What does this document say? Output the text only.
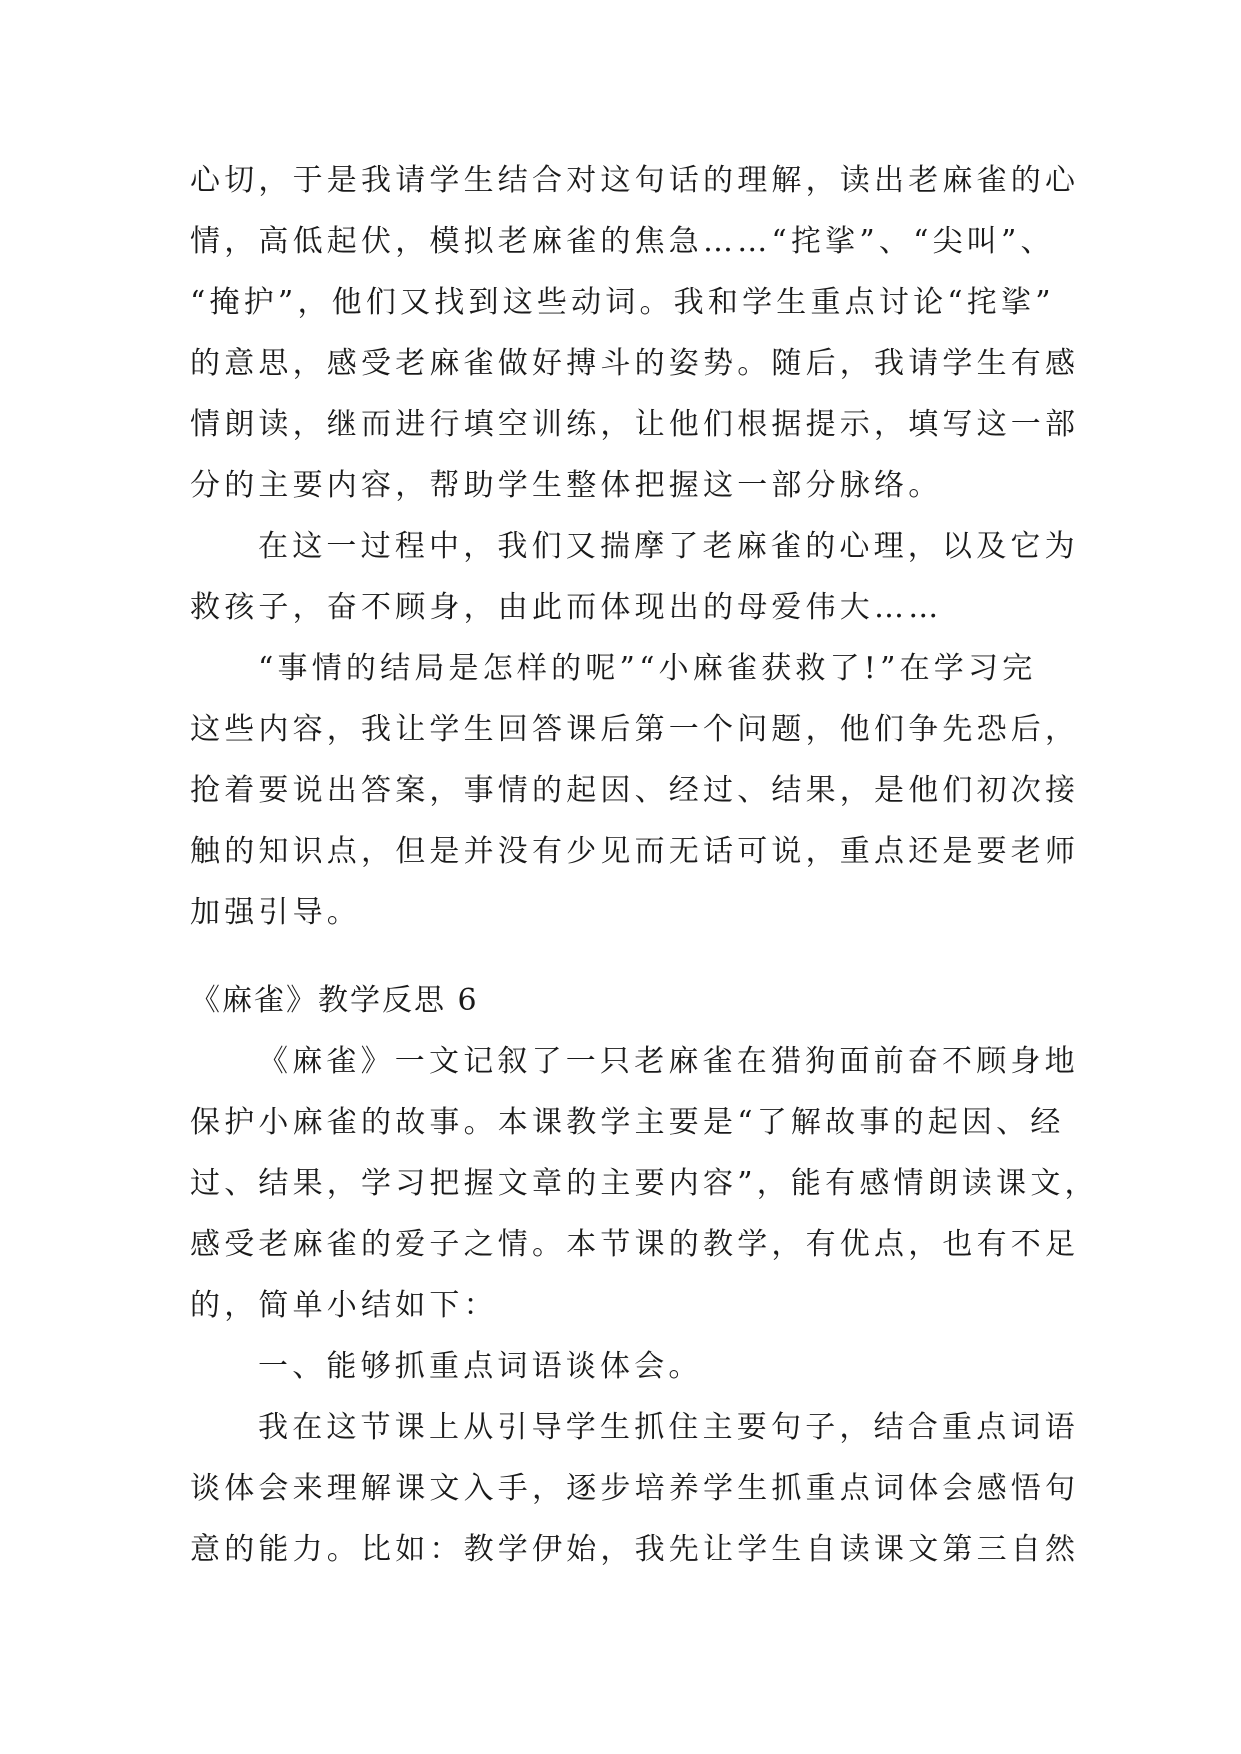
心切，于是我请学生结合对这句话的理解，读出老麻雀的心
情，高低起伏，模拟老麻雀的焦急……“挓挲”、“尖叫”、
“掩护”，他们又找到这些动词。我和学生重点讨论“挓挲”
的意思，感受老麻雀做好搏斗的姿势。随后，我请学生有感
情朗读，继而进行填空训练，让他们根据提示，填写这一部
分的主要内容，帮助学生整体把握这一部分脉络。
在这一过程中，我们又揣摩了老麻雀的心理，以及它为
救孩子，奋不顾身，由此而体现出的母爱伟大……
“事情的结局是怎样的呢”“小麻雀获救了!”在学习完
这些内容，我让学生回答课后第一个问题，他们争先恐后，
抢着要说出答案，事情的起因、经过、结果，是他们初次接
触的知识点，但是并没有少见而无话可说，重点还是要老师
加强引导。
《麻雀》教学反思 6
《麻雀》一文记叙了一只老麻雀在猎狗面前奋不顾身地
保护小麻雀的故事。本课教学主要是“了解故事的起因、经
过、结果，学习把握文章的主要内容”，能有感情朗读课文，
感受老麻雀的爱子之情。本节课的教学，有优点，也有不足
的，简单小结如下：
一、能够抓重点词语谈体会。
我在这节课上从引导学生抓住主要句子，结合重点词语
谈体会来理解课文入手，逐步培养学生抓重点词体会感悟句
意的能力。比如：教学伊始，我先让学生自读课文第三自然
